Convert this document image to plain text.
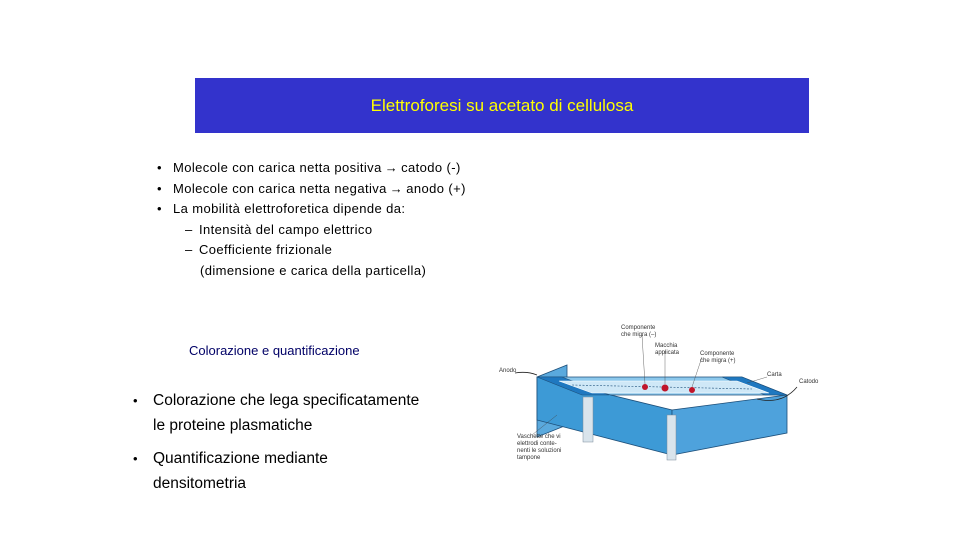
Elettroforesi su acetato di cellulosa
• Molecole con carica netta positiva → catodo (-)
• Molecole con carica netta negativa → anodo (+)
• La mobilità elettroforetica dipende da:
– Intensità del campo elettrico
– Coefficiente frizionale
(dimensione e carica della particella)
Colorazione e quantificazione
• Colorazione che lega specificatamente
le proteine plasmatiche
• Quantificazione mediante
densitometria
Componente
che migra (–)
Macchia
applicata	Componente
che migra (+)
Anodo
Carta
Catodo
Vaschette che vi
elettrodi conte-
nenti le soluzioni
tampone
